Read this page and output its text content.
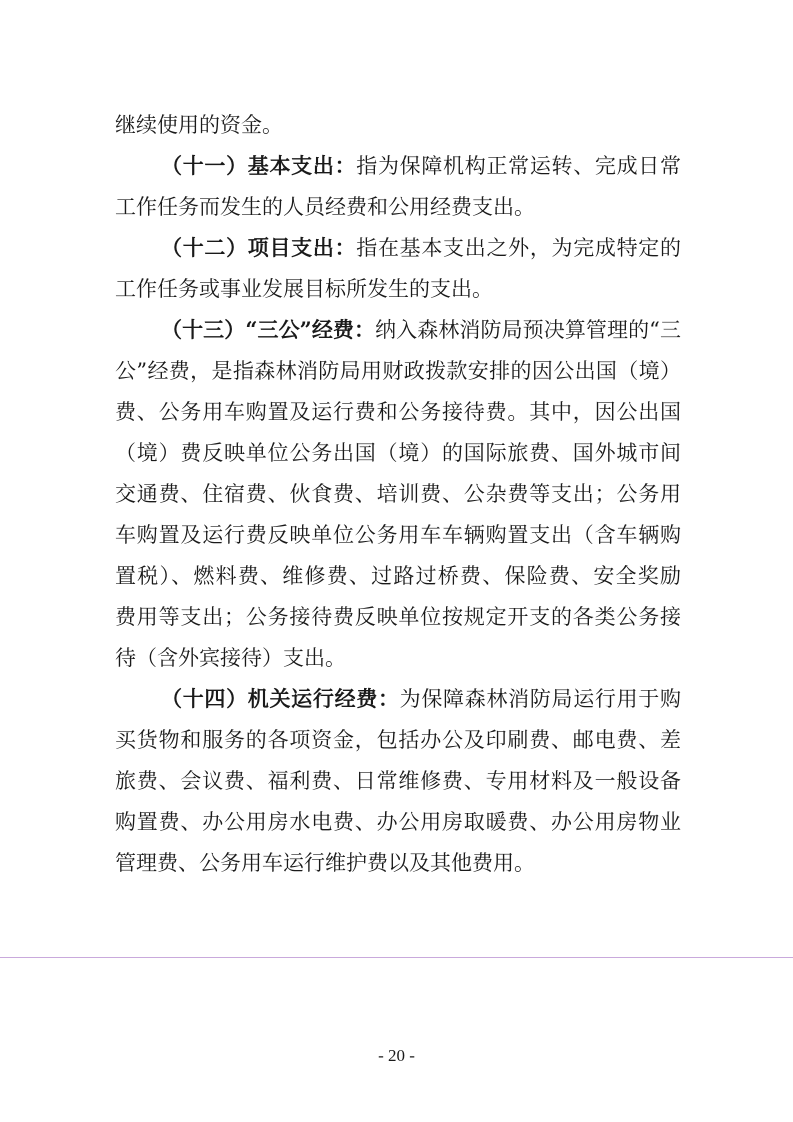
继续使用的资金。
（十一）基本支出：指为保障机构正常运转、完成日常
工作任务而发生的人员经费和公用经费支出。
（十二）项目支出：指在基本支出之外，为完成特定的
工作任务或事业发展目标所发生的支出。
（十三）“三公”经费：纳入森林消防局预决算管理的“三
公”经费，是指森林消防局用财政拨款安排的因公出国（境）
费、公务用车购置及运行费和公务接待费。其中，因公出国
（境）费反映单位公务出国（境）的国际旅费、国外城市间
交通费、住宿费、伙食费、培训费、公杂费等支出；公务用
车购置及运行费反映单位公务用车车辆购置支出（含车辆购
置税）、燃料费、维修费、过路过桥费、保险费、安全奖励
费用等支出；公务接待费反映单位按规定开支的各类公务接
待（含外宾接待）支出。
（十四）机关运行经费：为保障森林消防局运行用于购
买货物和服务的各项资金，包括办公及印刷费、邮电费、差
旅费、会议费、福利费、日常维修费、专用材料及一般设备
购置费、办公用房水电费、办公用房取暖费、办公用房物业
管理费、公务用车运行维护费以及其他费用。
- 20 -
